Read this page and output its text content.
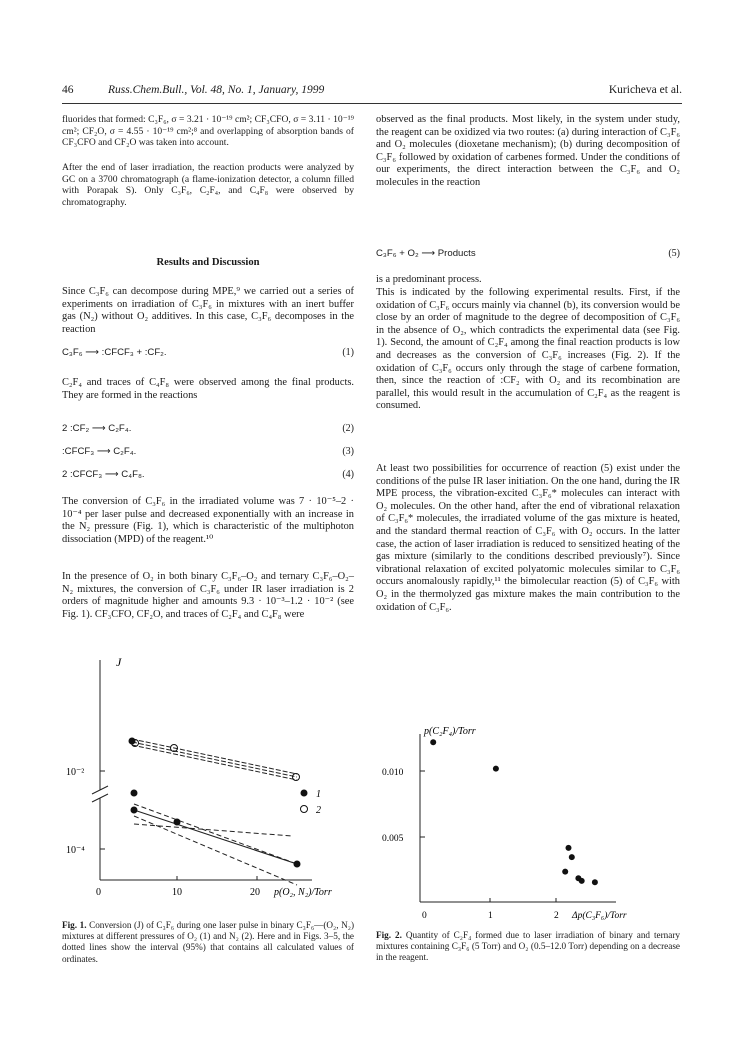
46	Russ.Chem.Bull., Vol. 48, No. 1, January, 1999	Kuricheva et al.
fluorides that formed: C₃F₆, σ = 3.21 · 10⁻¹⁹ cm²; CF₃CFO, σ = 3.11 · 10⁻¹⁹ cm²; CF₂O, σ = 4.55 · 10⁻¹⁹ cm²;⁸ and overlapping of absorption bands of CF₃CFO and CF₂O was taken into account.
After the end of laser irradiation, the reaction products were analyzed by GC on a 3700 chromatograph (a flame-ionization detector, a column filled with Porapak S). Only C₃F₆, C₂F₄, and C₄F₈ were observed by chromatography.
Results and Discussion
Since C₃F₆ can decompose during MPE,⁹ we carried out a series of experiments on irradiation of C₃F₆ in mixtures with an inert buffer gas (N₂) without O₂ additives. In this case, C₃F₆ decomposes in the reaction
C₃F₆ ⟶ :CFCF₃ + :CF₂.	(1)
C₂F₄ and traces of C₄F₈ were observed among the final products. They are formed in the reactions
2 :CF₂ ⟶ C₂F₄.	(2)
:CFCF₃ ⟶ C₂F₄.	(3)
2 :CFCF₃ ⟶ C₄F₈.	(4)
The conversion of C₃F₆ in the irradiated volume was 7 · 10⁻⁵–2 · 10⁻⁴ per laser pulse and decreased exponentially with an increase in the N₂ pressure (Fig. 1), which is characteristic of the multiphoton dissociation (MPD) of the reagent.¹⁰
In the presence of O₂ in both binary C₃F₆–O₂ and ternary C₃F₆–O₂–N₂ mixtures, the conversion of C₃F₆ under IR laser irradiation is 2 orders of magnitude higher and amounts 9.3 · 10⁻³–1.2 · 10⁻² (see Fig. 1). CF₃CFO, CF₂O, and traces of C₂F₄ and C₄F₈ were
J
10⁻²
10⁻⁴
0	10	20 p(O₂, N₂)/Torr
1
2
Fig. 1. Conversion (J) of C₃F₆ during one laser pulse in binary C₃F₆—(O₂, N₂) mixtures at different pressures of O₂ (1) and N₂ (2). Here and in Figs. 3–5, the dotted lines show the interval (95%) that contains all calculated values of ordinates.
observed as the final products. Most likely, in the system under study, the reagent can be oxidized via two routes: (a) during interaction of C₃F₆ and O₂ molecules (dioxetane mechanism); (b) during decomposition of C₃F₆ followed by oxidation of carbenes formed. Under the conditions of our experiments, the direct interaction between the C₃F₆ and O₂ molecules in the reaction
C₃F₆ + O₂ ⟶ Products	(5)
is a predominant process.
This is indicated by the following experimental results. First, if the oxidation of C₃F₆ occurs mainly via channel (b), its conversion would be close by an order of magnitude to the degree of decomposition of C₃F₆ in the absence of O₂, which contradicts the experimental data (see Fig. 1). Second, the amount of C₂F₄ among the final reaction products is low and decreases as the conversion of C₃F₆ increases (Fig. 2). If the oxidation of C₃F₆ occurs only through the stage of carbene formation, then, since the reaction of :CF₂ with O₂ and its recombination are parallel, this would result in the accumulation of C₂F₄ as the reagent is consumed.
At least two possibilities for occurrence of reaction (5) exist under the conditions of the pulse IR laser initiation. On the one hand, during the IR MPE process, the vibration-excited C₃F₆* molecules can interact with O₂ molecules. On the other hand, after the end of vibrational relaxation of C₃F₆* molecules, the irradiated volume of the gas mixture is heated, and the standard thermal reaction of C₃F₆ with O₂ occurs. In the latter case, the action of laser irradiation is reduced to sensitized heating of the gas mixture (similarly to the conditions described previously⁷). Since vibrational relaxation of excited polyatomic molecules similar to C₃F₆ occurs anomalously rapidly,¹¹ the bimolecular reaction (5) of C₃F₆ with O₂ in the thermolyzed gas mixture makes the main contribution to the oxidation of C₃F₆.
p(C₂F₄)/Torr
0.010
0.005
0	1	2 Δp(C₃F₆)/Torr
Fig. 2. Quantity of C₂F₄ formed due to laser irradiation of binary and ternary mixtures containing C₃F₆ (5 Torr) and O₂ (0.5–12.0 Torr) depending on a decrease in the reagent.
